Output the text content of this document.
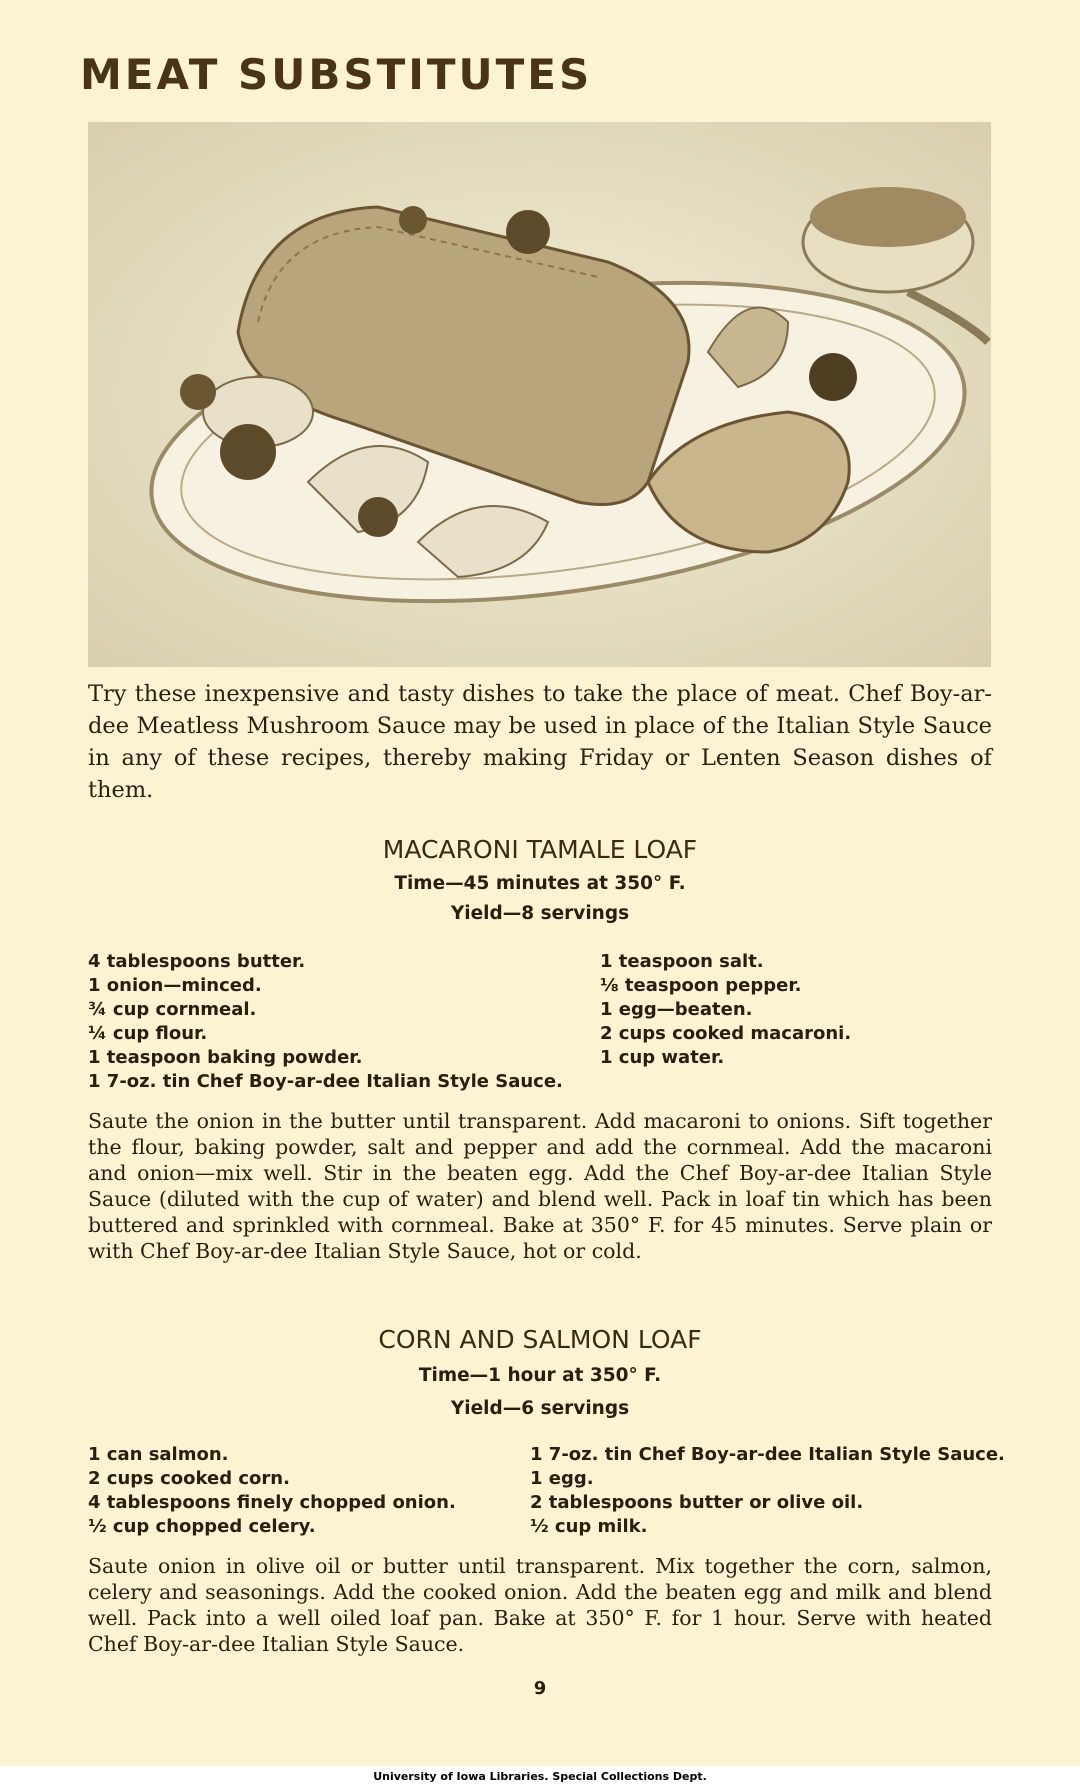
MEAT SUBSTITUTES

Try these inexpensive and tasty dishes to take the place of meat. Chef Boy-ar-dee Meatless Mushroom Sauce may be used in place of the Italian Style Sauce in any of these recipes, thereby making Friday or Lenten Season dishes of them.

MACARONI TAMALE LOAF
Time—45 minutes at 350° F.
Yield—8 servings
4 tablespoons butter.
1 onion—minced.
¾ cup cornmeal.
¼ cup flour.
1 teaspoon baking powder.
1 7-oz. tin Chef Boy-ar-dee Italian Style Sauce.
1 teaspoon salt.
⅛ teaspoon pepper.
1 egg—beaten.
2 cups cooked macaroni.
1 cup water.

Saute the onion in the butter until transparent. Add macaroni to onions. Sift together the flour, baking powder, salt and pepper and add the cornmeal. Add the macaroni and onion—mix well. Stir in the beaten egg. Add the Chef Boy-ar-dee Italian Style Sauce (diluted with the cup of water) and blend well. Pack in loaf tin which has been buttered and sprinkled with cornmeal. Bake at 350° F. for 45 minutes. Serve plain or with Chef Boy-ar-dee Italian Style Sauce, hot or cold.

CORN AND SALMON LOAF
Time—1 hour at 350° F.
Yield—6 servings
1 can salmon.
2 cups cooked corn.
4 tablespoons finely chopped onion.
½ cup chopped celery.
1 7-oz. tin Chef Boy-ar-dee Italian Style Sauce.
1 egg.
2 tablespoons butter or olive oil.
½ cup milk.

Saute onion in olive oil or butter until transparent. Mix together the corn, salmon, celery and seasonings. Add the cooked onion. Add the beaten egg and milk and blend well. Pack into a well oiled loaf pan. Bake at 350° F. for 1 hour. Serve with heated Chef Boy-ar-dee Italian Style Sauce.

9
University of Iowa Libraries. Special Collections Dept.
